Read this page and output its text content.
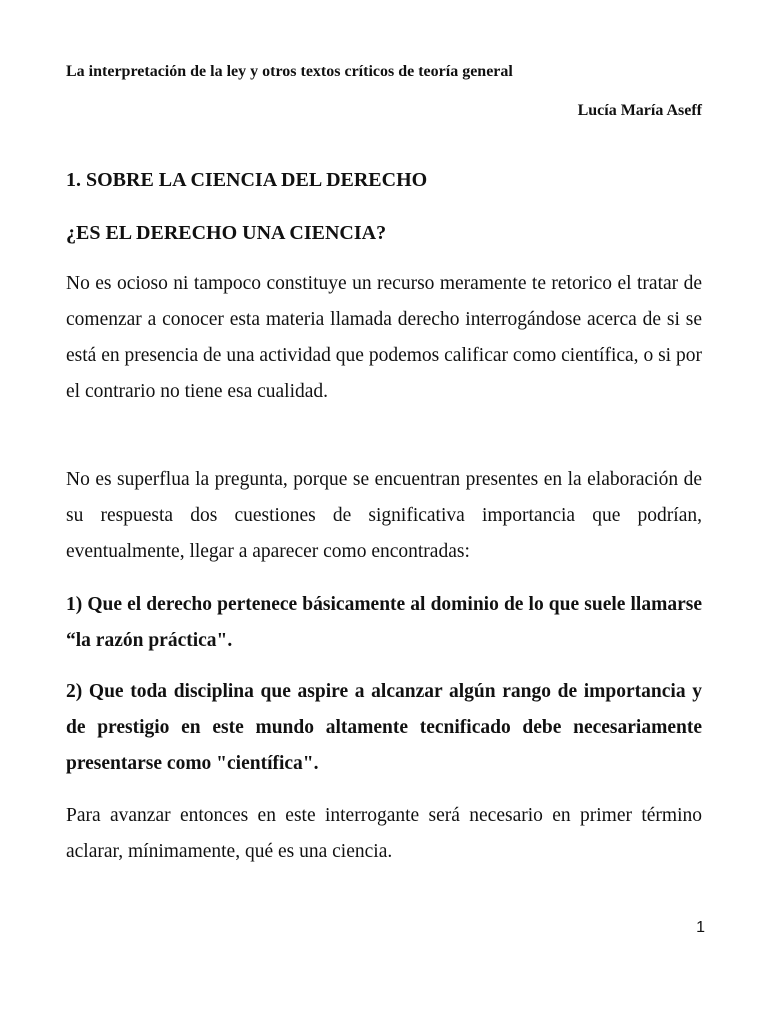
La interpretación de la ley y otros textos críticos de teoría general
Lucía María Aseff
1. SOBRE LA CIENCIA DEL DERECHO
¿ES EL DERECHO UNA CIENCIA?

No es ocioso ni tampoco constituye un recurso meramente te retorico el tratar de comenzar a conocer esta materia llamada derecho interrogándose acerca de si se está en presencia de una actividad que podemos calificar como científica, o si por el contrario no tiene esa cualidad.

No es superflua la pregunta, porque se encuentran presentes en la elaboración de su respuesta dos cuestiones de significativa importancia que podrían, eventualmente, llegar a aparecer como encontradas:

1) Que el derecho pertenece básicamente al dominio de lo que suele llamarse “la razón práctica".

2) Que toda disciplina que aspire a alcanzar algún rango de importancia y de prestigio en este mundo altamente tecnificado debe necesariamente presentarse como "científica".

Para avanzar entonces en este interrogante será necesario en primer término aclarar, mínimamente, qué es una ciencia.

1
